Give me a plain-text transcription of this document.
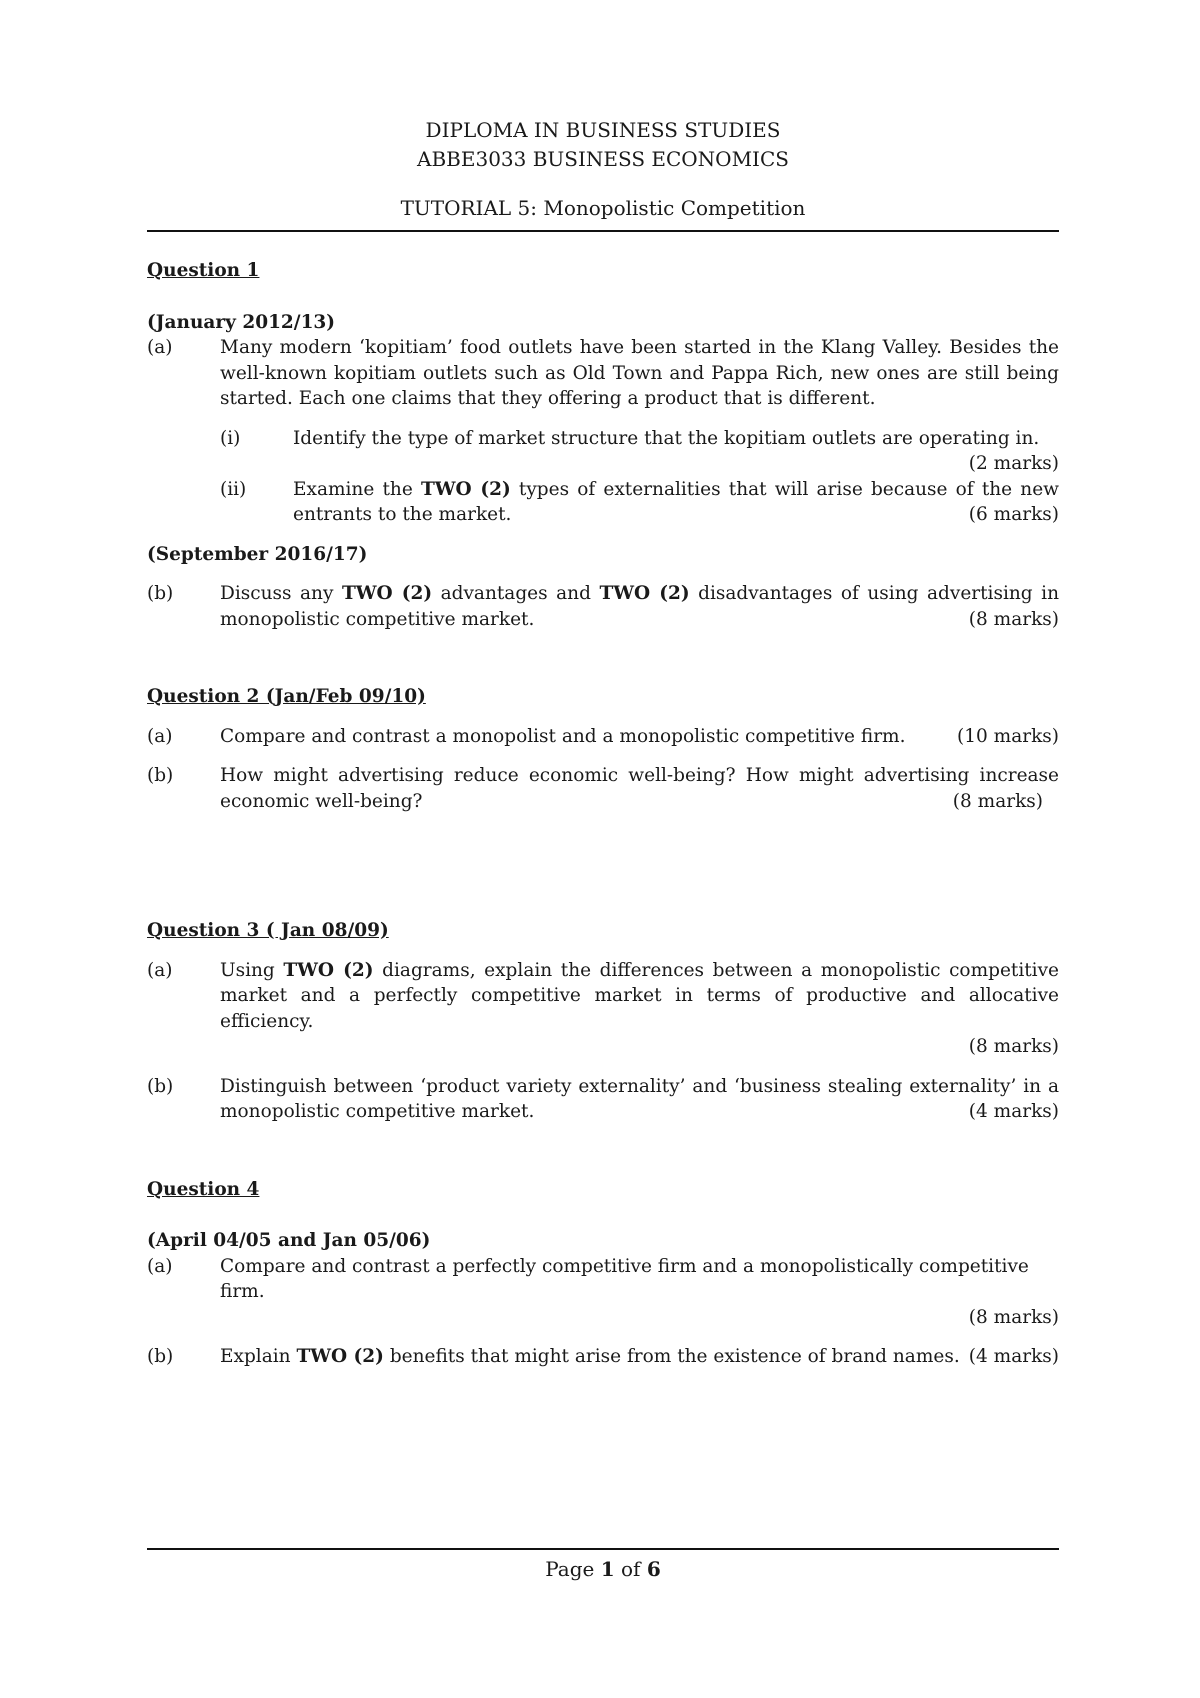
DIPLOMA IN BUSINESS STUDIES
ABBE3033 BUSINESS ECONOMICS
TUTORIAL 5: Monopolistic Competition

Question 1

(January 2012/13)

(a)	Many modern ‘kopitiam’ food outlets have been started in the Klang Valley. Besides the well-known kopitiam outlets such as Old Town and Pappa Rich, new ones are still being started. Each one claims that they offering a product that is different.
(i)	Identify the type of market structure that the kopitiam outlets are operating in.
(2 marks)
(ii)	Examine the TWO (2) types of externalities that will arise because of the new entrants to the market.	(6 marks)

(September 2016/17)

(b)	Discuss any TWO (2) advantages and TWO (2) disadvantages of using advertising in monopolistic competitive market.	(8 marks)

Question 2 (Jan/Feb 09/10)

(a)	Compare and contrast a monopolist and a monopolistic competitive firm.	(10 marks)
(b)	How might advertising reduce economic well-being? How might advertising increase economic well-being?	(8 marks)

Question 3 ( Jan 08/09)

(a)	Using TWO (2) diagrams, explain the differences between a monopolistic competitive market and a perfectly competitive market in terms of productive and allocative efficiency.
(8 marks)
(b)	Distinguish between ‘product variety externality’ and ‘business stealing externality’ in a monopolistic competitive market.	(4 marks)

Question 4

(April 04/05 and Jan 05/06)

(a)	Compare and contrast a perfectly competitive firm and a monopolistically competitive firm.
(8 marks)
(b)	Explain TWO (2) benefits that might arise from the existence of brand names. (4 marks)
Page 1 of 6
